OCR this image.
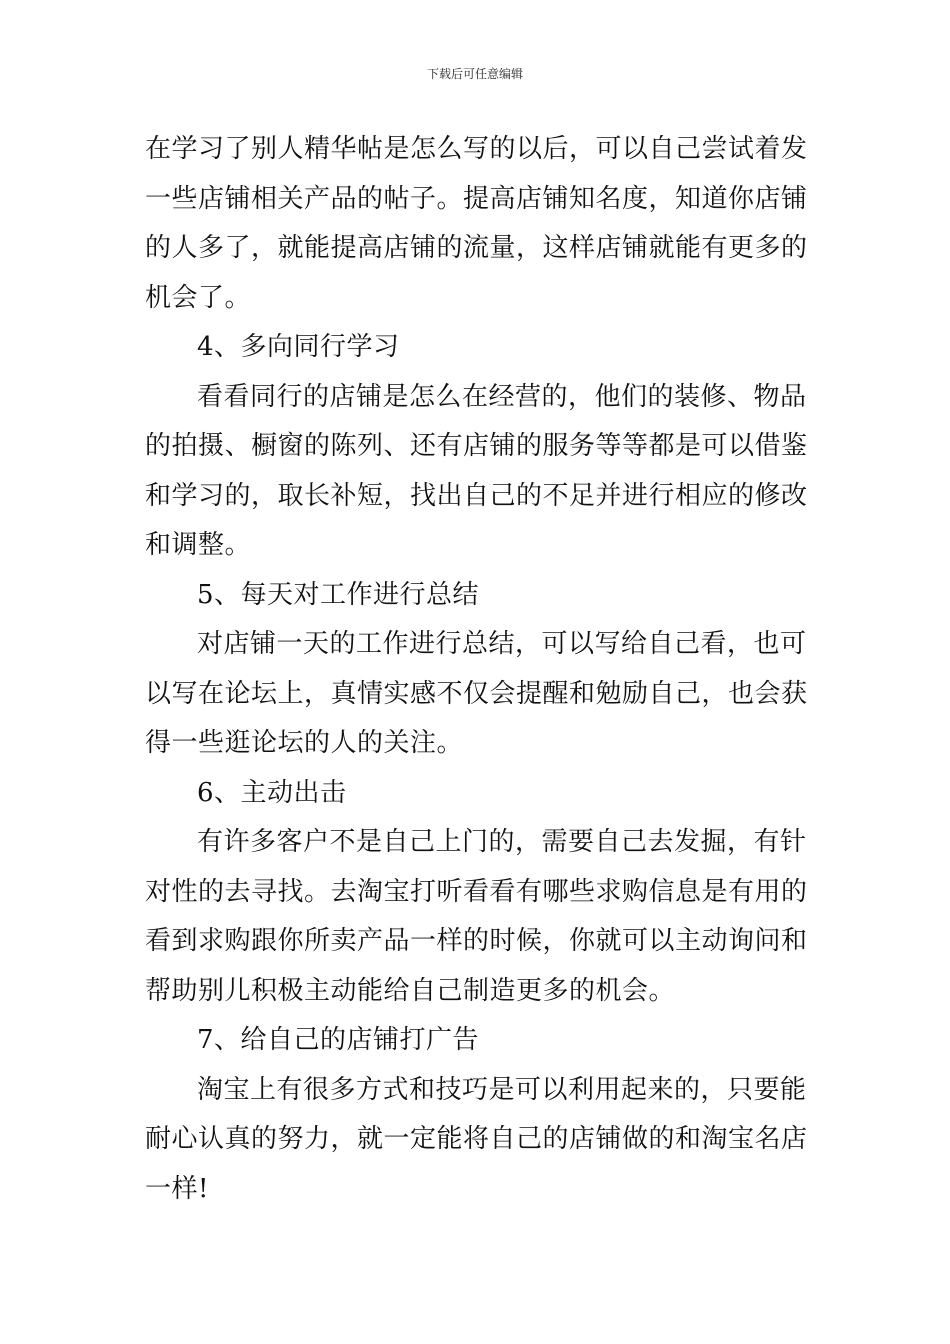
下载后可任意编辑

在学习了别人精华帖是怎么写的以后，可以自己尝试着发一些店铺相关产品的帖子。提高店铺知名度，知道你店铺的人多了，就能提高店铺的流量，这样店铺就能有更多的机会了。

4、多向同行学习

看看同行的店铺是怎么在经营的，他们的装修、物品的拍摄、橱窗的陈列、还有店铺的服务等等都是可以借鉴和学习的，取长补短，找出自己的不足并进行相应的修改和调整。

5、每天对工作进行总结

对店铺一天的工作进行总结，可以写给自己看，也可以写在论坛上，真情实感不仅会提醒和勉励自己，也会获得一些逛论坛的人的关注。

6、主动出击

有许多客户不是自己上门的，需要自己去发掘，有针对性的去寻找。去淘宝打听看看有哪些求购信息是有用的看到求购跟你所卖产品一样的时候，你就可以主动询问和帮助别儿积极主动能给自己制造更多的机会。

7、给自己的店铺打广告

淘宝上有很多方式和技巧是可以利用起来的，只要能耐心认真的努力，就一定能将自己的店铺做的和淘宝名店一样!
